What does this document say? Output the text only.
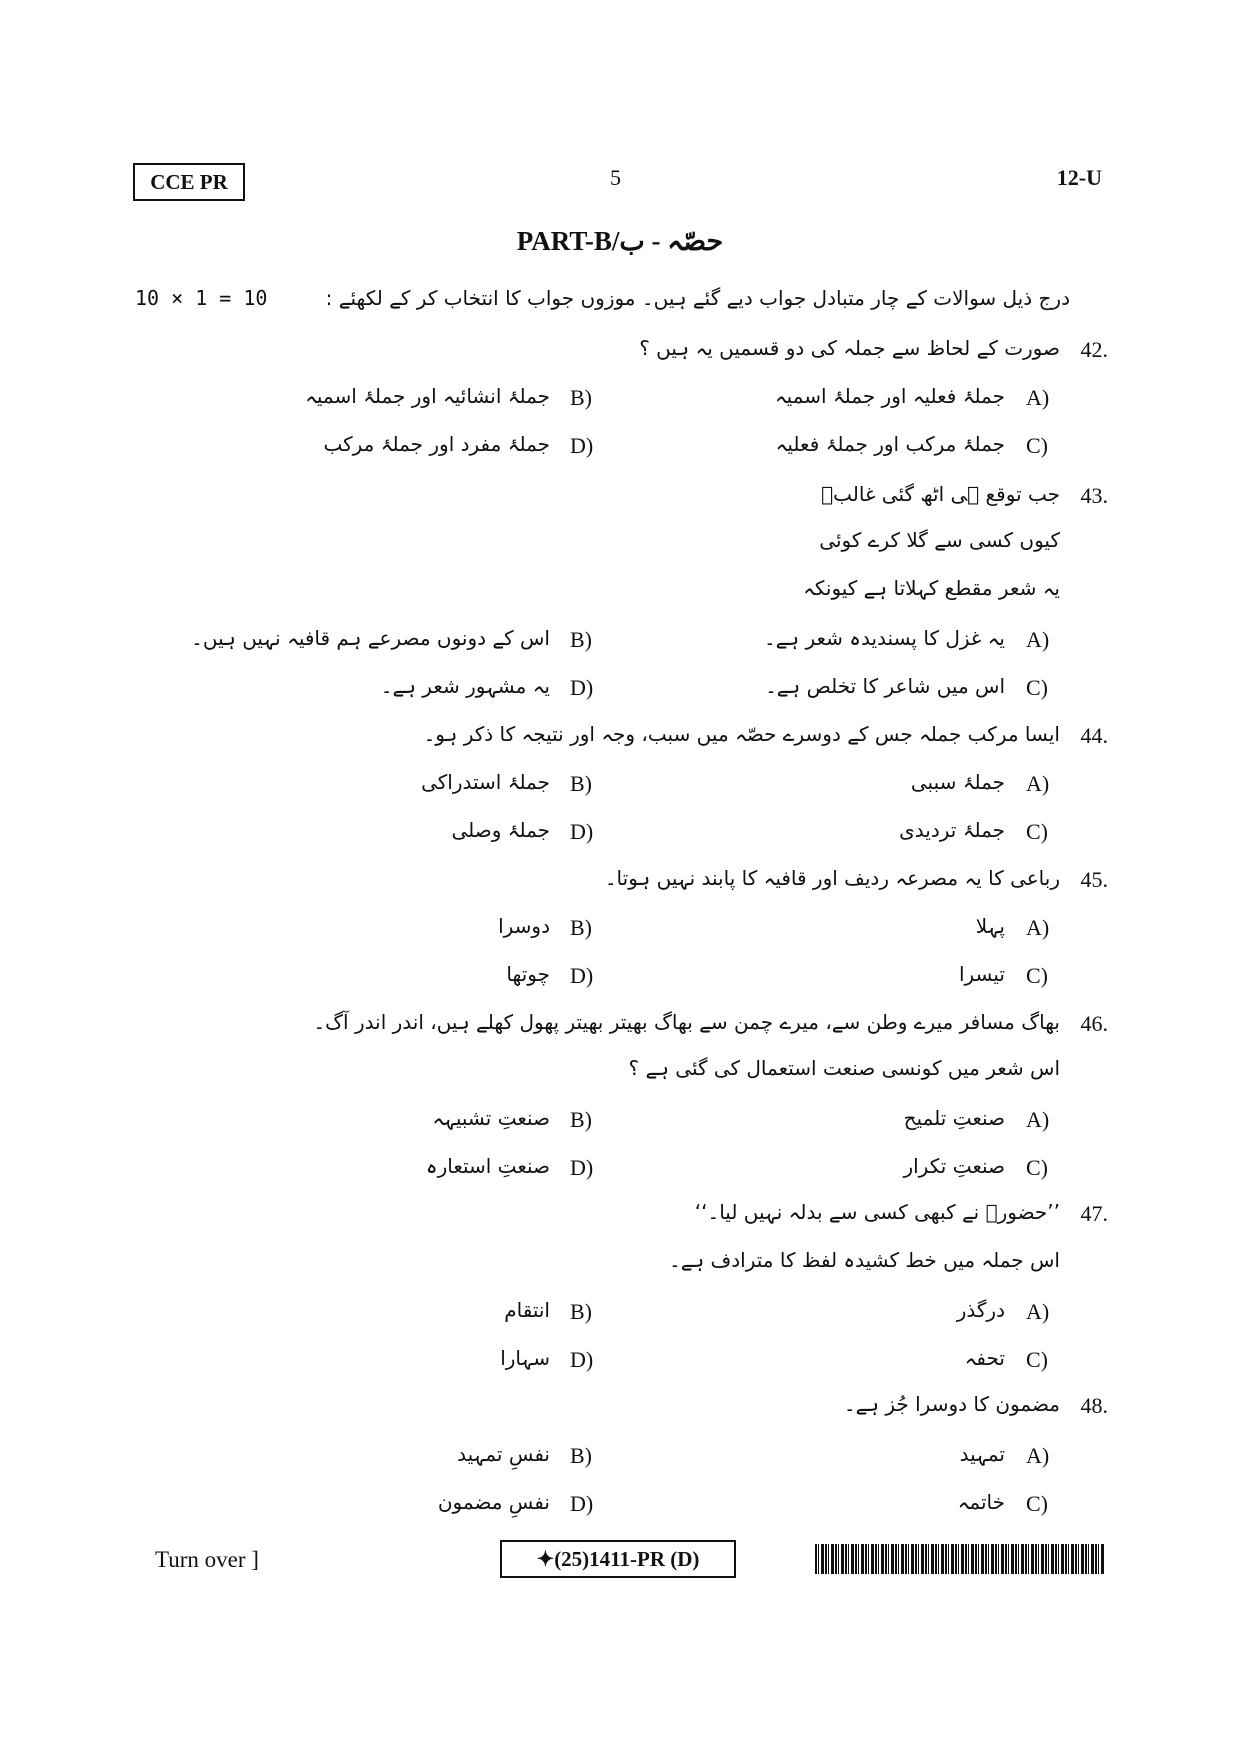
CCE PR	5	12-U
PART-B/حصّہ - ب
10 × 1 = 10	درج ذیل سوالات کے چار متبادل جواب دیے گئے ہیں۔ موزوں جواب کا انتخاب کر کے لکھئے :
42.
صورت کے لحاظ سے جملہ کی دو قسمیں یہ ہیں ؟
A)
جملۂ فعلیہ اور جملۂ اسمیہ
B)
جملۂ انشائیہ اور جملۂ اسمیہ
C)
جملۂ مرکب اور جملۂ فعلیہ
D)
جملۂ مفرد اور جملۂ مرکب
43.
جب توقع ہی اٹھ گئی غالبؔ
کیوں کسی سے گلا کرے کوئی
یہ شعر مقطع کہلاتا ہے کیونکہ
A)
یہ غزل کا پسندیدہ شعر ہے۔
B)
اس کے دونوں مصرعے ہم قافیہ نہیں ہیں۔
C)
اس میں شاعر کا تخلص ہے۔
D)
یہ مشہور شعر ہے۔
44.
ایسا مرکب جملہ جس کے دوسرے حصّہ میں سبب، وجہ اور نتیجہ کا ذکر ہو۔
A)
جملۂ سببی
B)
جملۂ استدراکی
C)
جملۂ تردیدی
D)
جملۂ وصلی
45.
رباعی کا یہ مصرعہ ردیف اور قافیہ کا پابند نہیں ہوتا۔
A)
پہلا
B)
دوسرا
C)
تیسرا
D)
چوتھا
46.
بھاگ مسافر میرے وطن سے، میرے چمن سے بھاگ بھیتر بھیتر پھول کھلے ہیں، اندر اندر آگ۔
اس شعر میں کونسی صنعت استعمال کی گئی ہے ؟
A)
صنعتِ تلمیح
B)
صنعتِ تشبیہہ
C)
صنعتِ تکرار
D)
صنعتِ استعارہ
47.
’’حضورؐ نے کبھی کسی سے بدلہ نہیں لیا۔‘‘
اس جملہ میں خط کشیدہ لفظ کا مترادف ہے۔
A)
درگذر
B)
انتقام
C)
تحفہ
D)
سہارا
48.
مضمون کا دوسرا جُز ہے۔
A)
تمہید
B)
نفسِ تمہید
C)
خاتمہ
D)
نفسِ مضمون
Turn over ]	✦(25)1411-PR (D)
